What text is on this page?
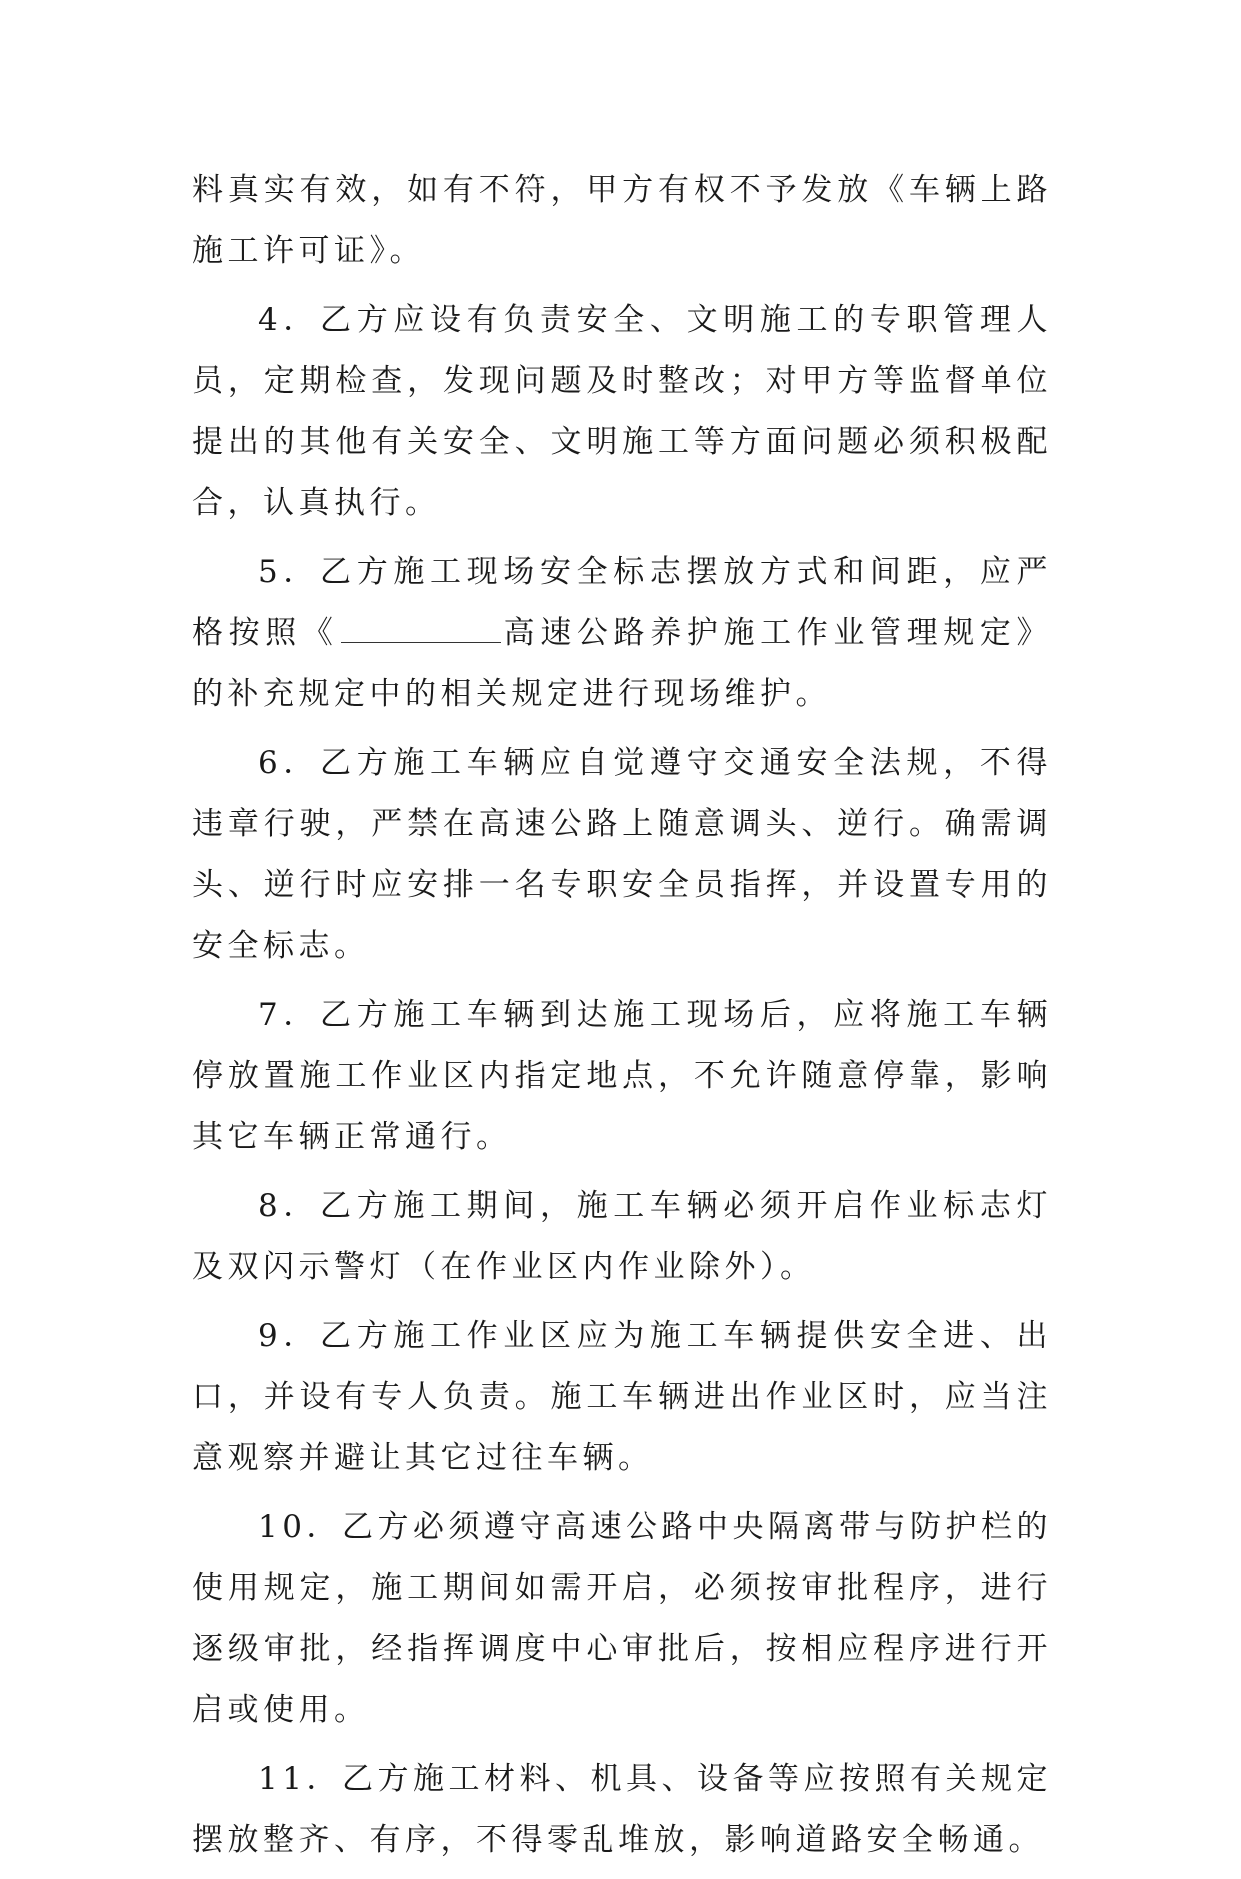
料真实有效，如有不符，甲方有权不予发放《车辆上路施工许可证》。

4．乙方应设有负责安全、文明施工的专职管理人员，定期检查，发现问题及时整改；对甲方等监督单位提出的其他有关安全、文明施工等方面问题必须积极配合，认真执行。

5．乙方施工现场安全标志摆放方式和间距，应严格按照《	高速公路养护施工作业管理规定》的补充规定中的相关规定进行现场维护。

6．乙方施工车辆应自觉遵守交通安全法规，不得违章行驶，严禁在高速公路上随意调头、逆行。确需调头、逆行时应安排一名专职安全员指挥，并设置专用的安全标志。

7．乙方施工车辆到达施工现场后，应将施工车辆停放置施工作业区内指定地点，不允许随意停靠，影响其它车辆正常通行。

8．乙方施工期间，施工车辆必须开启作业标志灯及双闪示警灯（在作业区内作业除外）。

9．乙方施工作业区应为施工车辆提供安全进、出口，并设有专人负责。施工车辆进出作业区时，应当注意观察并避让其它过往车辆。

10．乙方必须遵守高速公路中央隔离带与防护栏的使用规定，施工期间如需开启，必须按审批程序，进行逐级审批，经指挥调度中心审批后，按相应程序进行开启或使用。

11．乙方施工材料、机具、设备等应按照有关规定摆放整齐、有序，不得零乱堆放，影响道路安全畅通。
